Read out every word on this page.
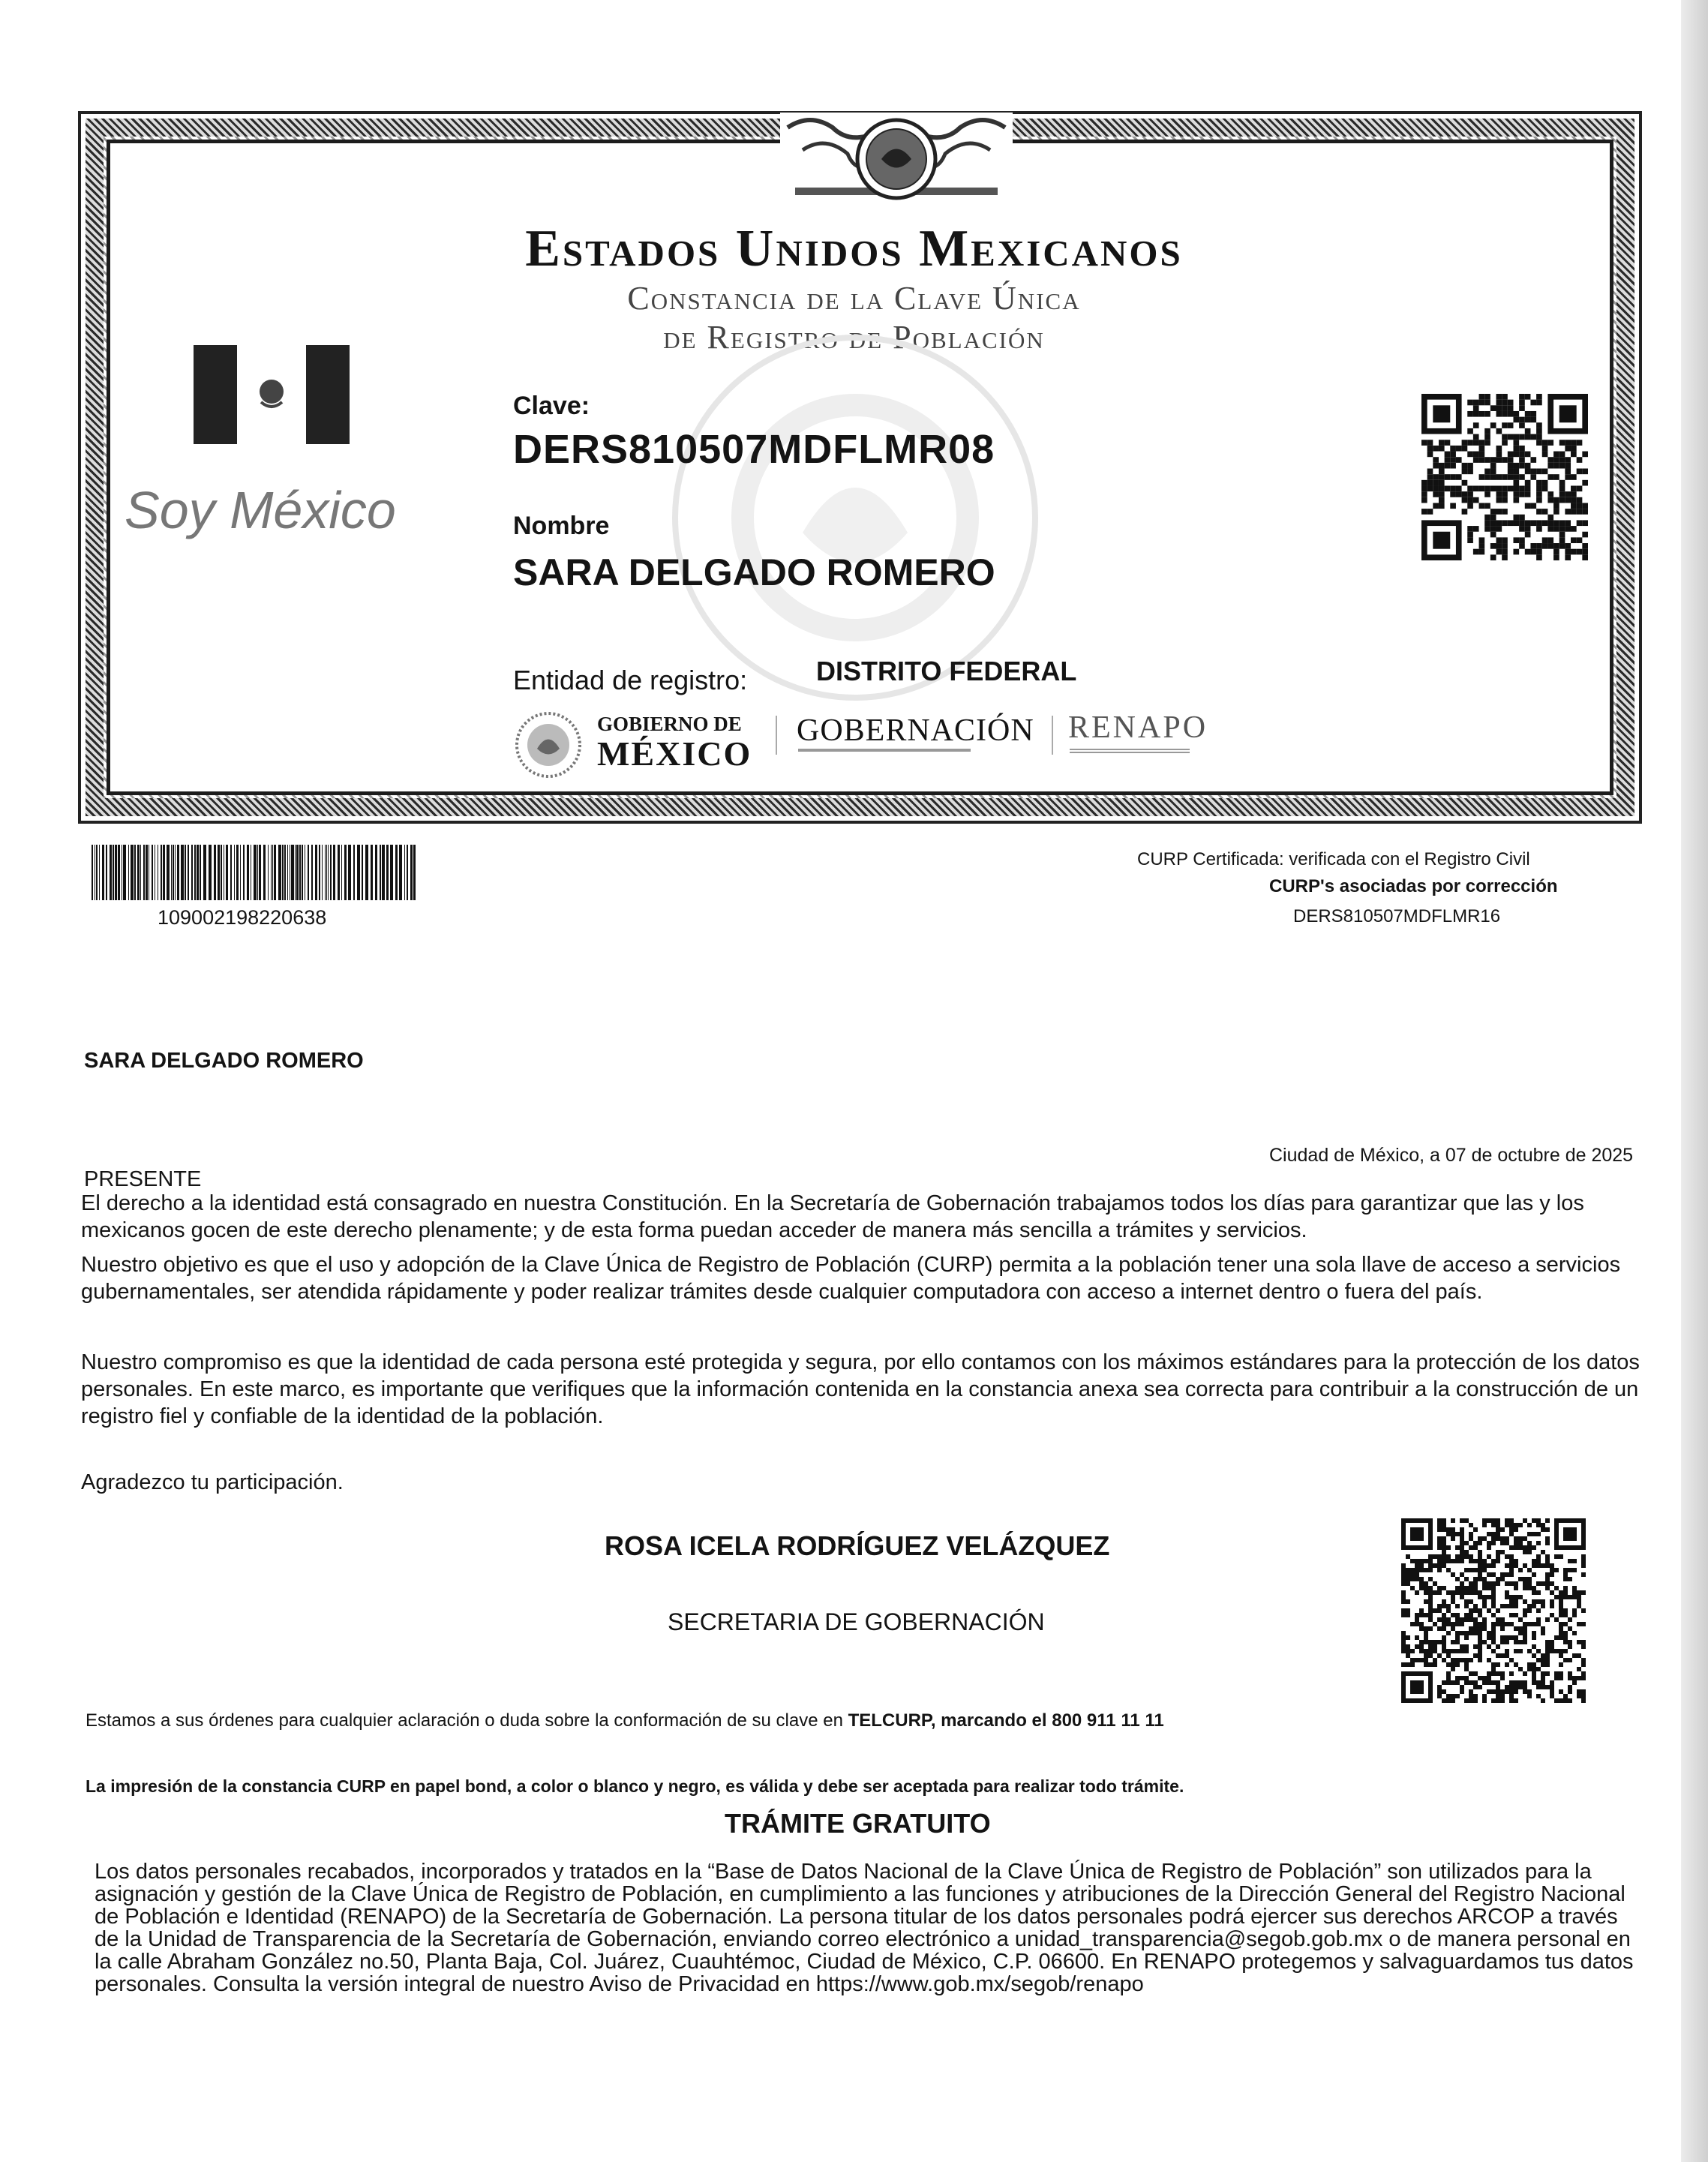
Estados Unidos Mexicanos
Constancia de la Clave Única
de Registro de Población
Soy México
Clave:
DERS810507MDFLMR08
Nombre
SARA DELGADO ROMERO
Entidad de registro:	DISTRITO FEDERAL
GOBIERNO DE
MÉXICO
GOBERNACIÓN RENAPO
109002198220638
CURP Certificada: verificada con el Registro Civil
CURP's asociadas por corrección
DERS810507MDFLMR16
SARA DELGADO ROMERO
Ciudad de México, a 07 de octubre de 2025
PRESENTE
El derecho a la identidad está consagrado en nuestra Constitución. En la Secretaría de Gobernación trabajamos todos los días para garantizar que las y los mexicanos gocen de este derecho plenamente; y de esta forma puedan acceder de manera más sencilla a trámites y servicios.
Nuestro objetivo es que el uso y adopción de la Clave Única de Registro de Población (CURP) permita a la población tener una sola llave de acceso a servicios gubernamentales, ser atendida rápidamente y poder realizar trámites desde cualquier computadora con acceso a internet dentro o fuera del país.
Nuestro compromiso es que la identidad de cada persona esté protegida y segura, por ello contamos con los máximos estándares para la protección de los datos personales. En este marco, es importante que verifiques que la información contenida en la constancia anexa sea correcta para contribuir a la construcción de un registro fiel y confiable de la identidad de la población.
Agradezco tu participación.
ROSA ICELA RODRÍGUEZ VELÁZQUEZ
SECRETARIA DE GOBERNACIÓN
Estamos a sus órdenes para cualquier aclaración o duda sobre la conformación de su clave en TELCURP, marcando el 800 911 11 11
La impresión de la constancia CURP en papel bond, a color o blanco y negro, es válida y debe ser aceptada para realizar todo trámite.
TRÁMITE GRATUITO
Los datos personales recabados, incorporados y tratados en la “Base de Datos Nacional de la Clave Única de Registro de Población” son utilizados para la asignación y gestión de la Clave Única de Registro de Población, en cumplimiento a las funciones y atribuciones de la Dirección General del Registro Nacional de Población e Identidad (RENAPO) de la Secretaría de Gobernación. La persona titular de los datos personales podrá ejercer sus derechos ARCOP a través de la Unidad de Transparencia de la Secretaría de Gobernación, enviando correo electrónico a unidad_transparencia@segob.gob.mx o de manera personal en la calle Abraham González no.50, Planta Baja, Col. Juárez, Cuauhtémoc, Ciudad de México, C.P. 06600. En RENAPO protegemos y salvaguardamos tus datos personales. Consulta la versión integral de nuestro Aviso de Privacidad en https://www.gob.mx/segob/renapo
